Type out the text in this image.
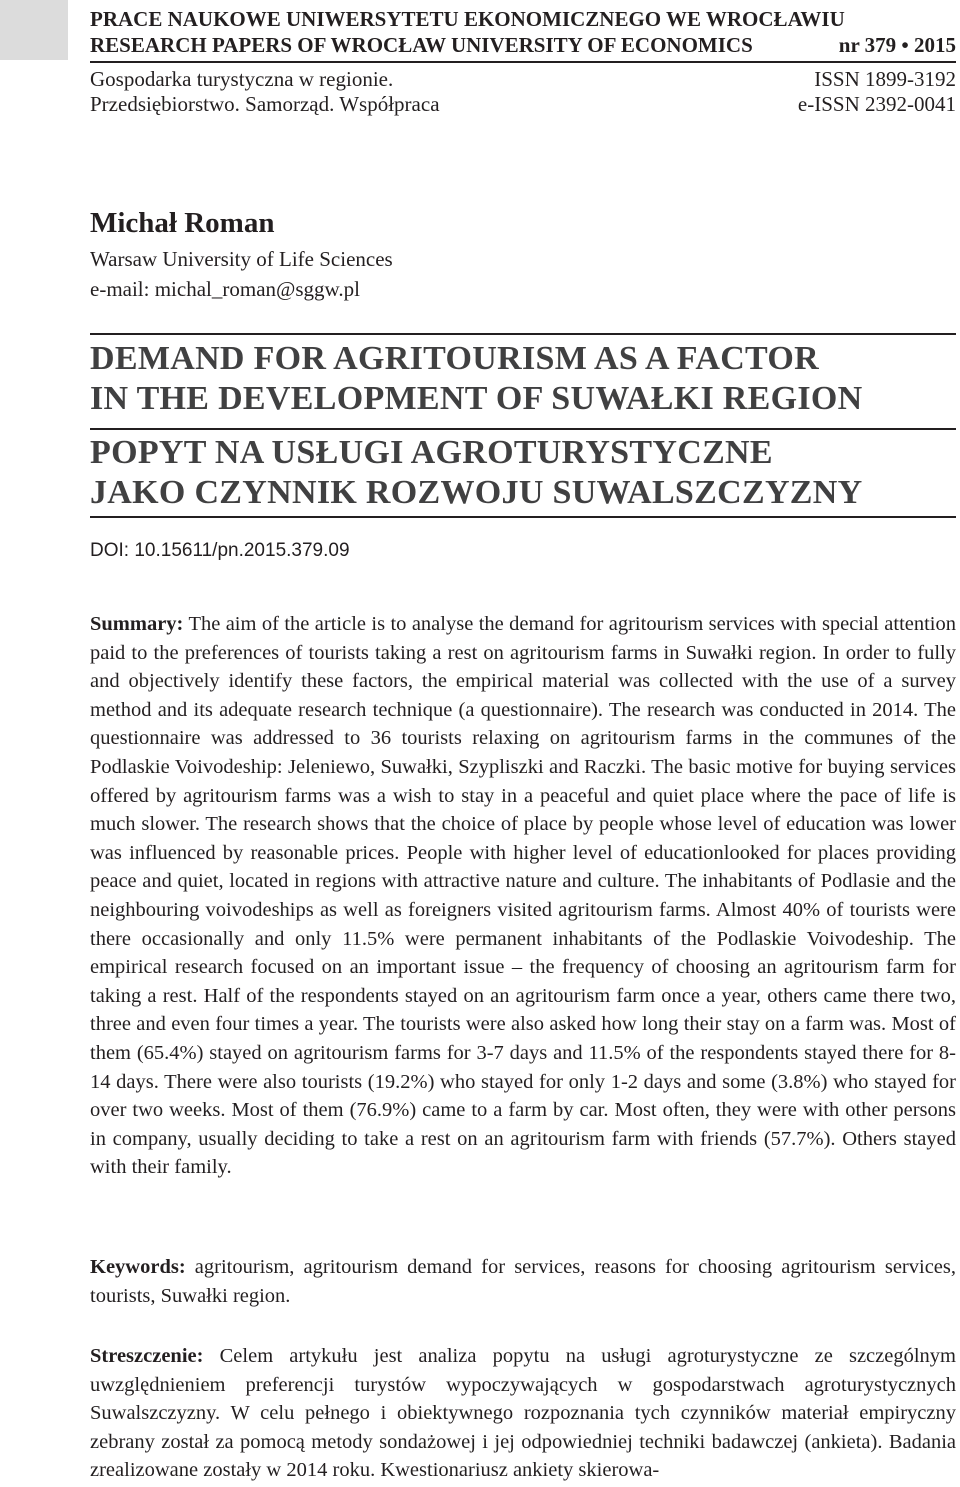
PRACE NAUKOWE UNIWERSYTETU EKONOMICZNEGO WE WROCŁAWIU
RESEARCH PAPERS OF WROCŁAW UNIVERSITY OF ECONOMICS	nr 379 • 2015
Gospodarka turystyczna w regionie.
Przedsiębiorstwo. Samorząd. Współpraca
ISSN 1899-3192
e-ISSN 2392-0041
Michał Roman
Warsaw University of Life Sciences
e-mail: michal_roman@sggw.pl
DEMAND FOR AGRITOURISM AS A FACTOR
IN THE DEVELOPMENT OF SUWAŁKI REGION
POPYT NA USŁUGI AGROTURYSTYCZNE
JAKO CZYNNIK ROZWOJU SUWALSZCZYZNY
DOI: 10.15611/pn.2015.379.09

Summary: The aim of the article is to analyse the demand for agritourism services with special attention paid to the preferences of tourists taking a rest on agritourism farms in Suwałki region. In order to fully and objectively identify these factors, the empirical material was collected with the use of a survey method and its adequate research technique (a questionnaire). The research was conducted in 2014. The questionnaire was addressed to 36 tourists relaxing on agritourism farms in the communes of the Podlaskie Voivodeship: Jeleniewo, Suwałki, Szypliszki and Raczki. The basic motive for buying services offered by agritourism farms was a wish to stay in a peaceful and quiet place where the pace of life is much slower. The research shows that the choice of place by people whose level of education was lower was influenced by reasonable prices. People with higher level of educationlooked for places providing peace and quiet, located in regions with attractive nature and culture. The inhabitants of Podlasie and the neighbouring voivodeships as well as foreigners visited agritourism farms. Almost 40% of tourists were there occasionally and only 11.5% were permanent inhabitants of the Podlaskie Voivodeship. The empirical research focused on an important issue – the frequency of choosing an agritourism farm for taking a rest. Half of the respondents stayed on an agritourism farm once a year, others came there two, three and even four times a year. The tourists were also asked how long their stay on a farm was. Most of them (65.4%) stayed on agritourism farms for 3-7 days and 11.5% of the respondents stayed there for 8-14 days. There were also tourists (19.2%) who stayed for only 1-2 days and some (3.8%) who stayed for over two weeks. Most of them (76.9%) came to a farm by car. Most often, they were with other persons in company, usually deciding to take a rest on an agritourism farm with friends (57.7%). Others stayed with their family.

Keywords: agritourism, agritourism demand for services, reasons for choosing agritourism services, tourists, Suwałki region.

Streszczenie: Celem artykułu jest analiza popytu na usługi agroturystyczne ze szczególnym uwzględnieniem preferencji turystów wypoczywających w gospodarstwach agroturystycznych Suwalszczyzny. W celu pełnego i obiektywnego rozpoznania tych czynników materiał empiryczny zebrany został za pomocą metody sondażowej i jej odpowiedniej techniki badawczej (ankieta). Badania zrealizowane zostały w 2014 roku. Kwestionariusz ankiety skierowa-
